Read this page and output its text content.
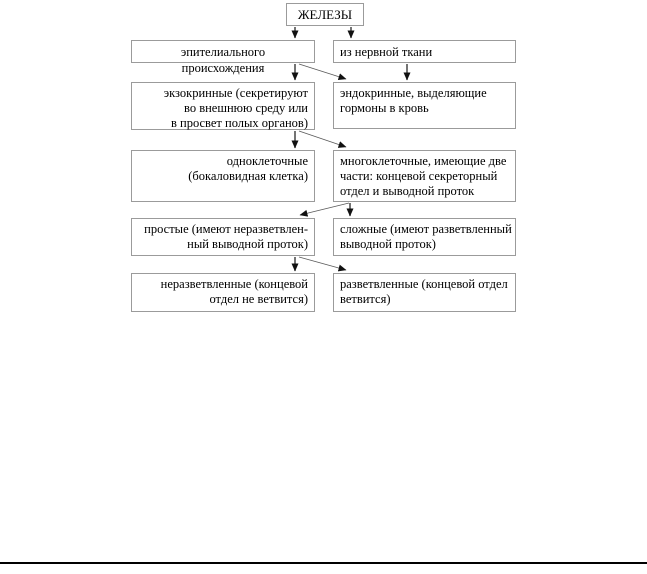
ЖЕЛЕЗЫ
эпителиального происхождения
из нервной ткани
экзокринные (секретируют
во внешнюю среду или
в просвет полых органов)
эндокринные, выделяющие
гормоны в кровь
одноклеточные
(бокаловидная клетка)
многоклеточные, имеющие две
части: концевой секреторный
отдел и выводной проток
простые (имеют неразветвлен-
ный выводной проток)
сложные (имеют разветвленный
выводной проток)
неразветвленные (концевой
отдел не ветвится)
разветвленные (концевой отдел
ветвится)
